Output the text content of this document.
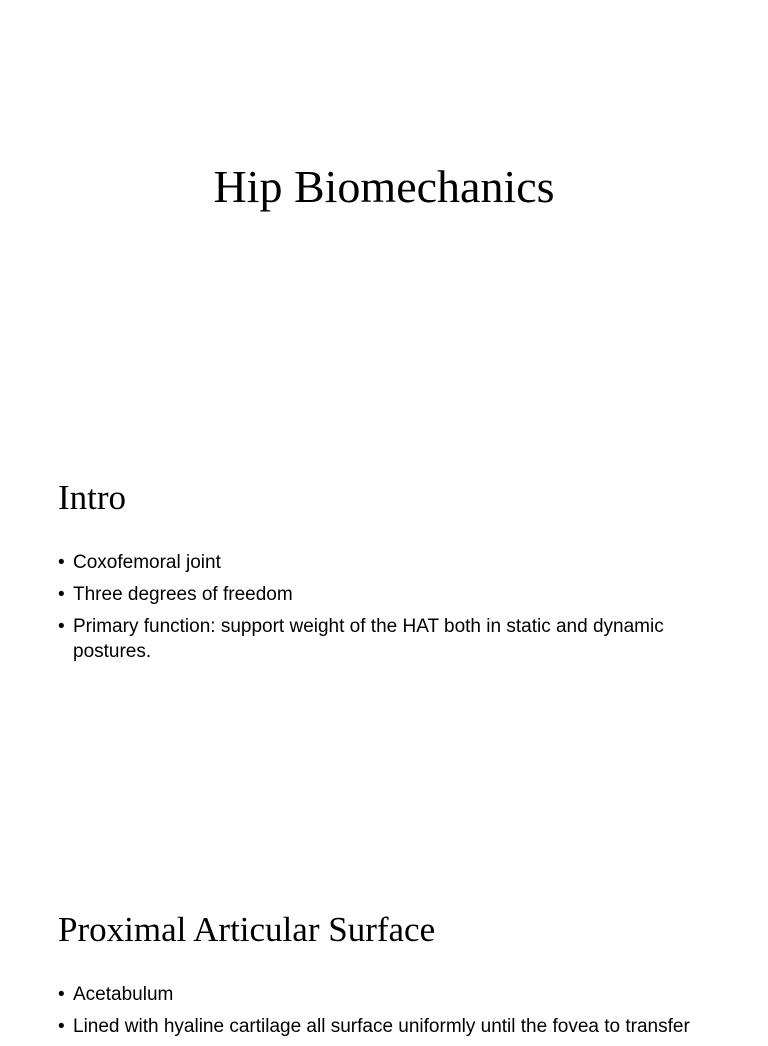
Hip Biomechanics
Intro
• Coxofemoral joint
• Three degrees of freedom
• Primary function: support weight of the HAT both in static and dynamic postures.
Proximal Articular Surface
• Acetabulum
• Lined with hyaline cartilage all surface uniformly until the fovea to transfer
